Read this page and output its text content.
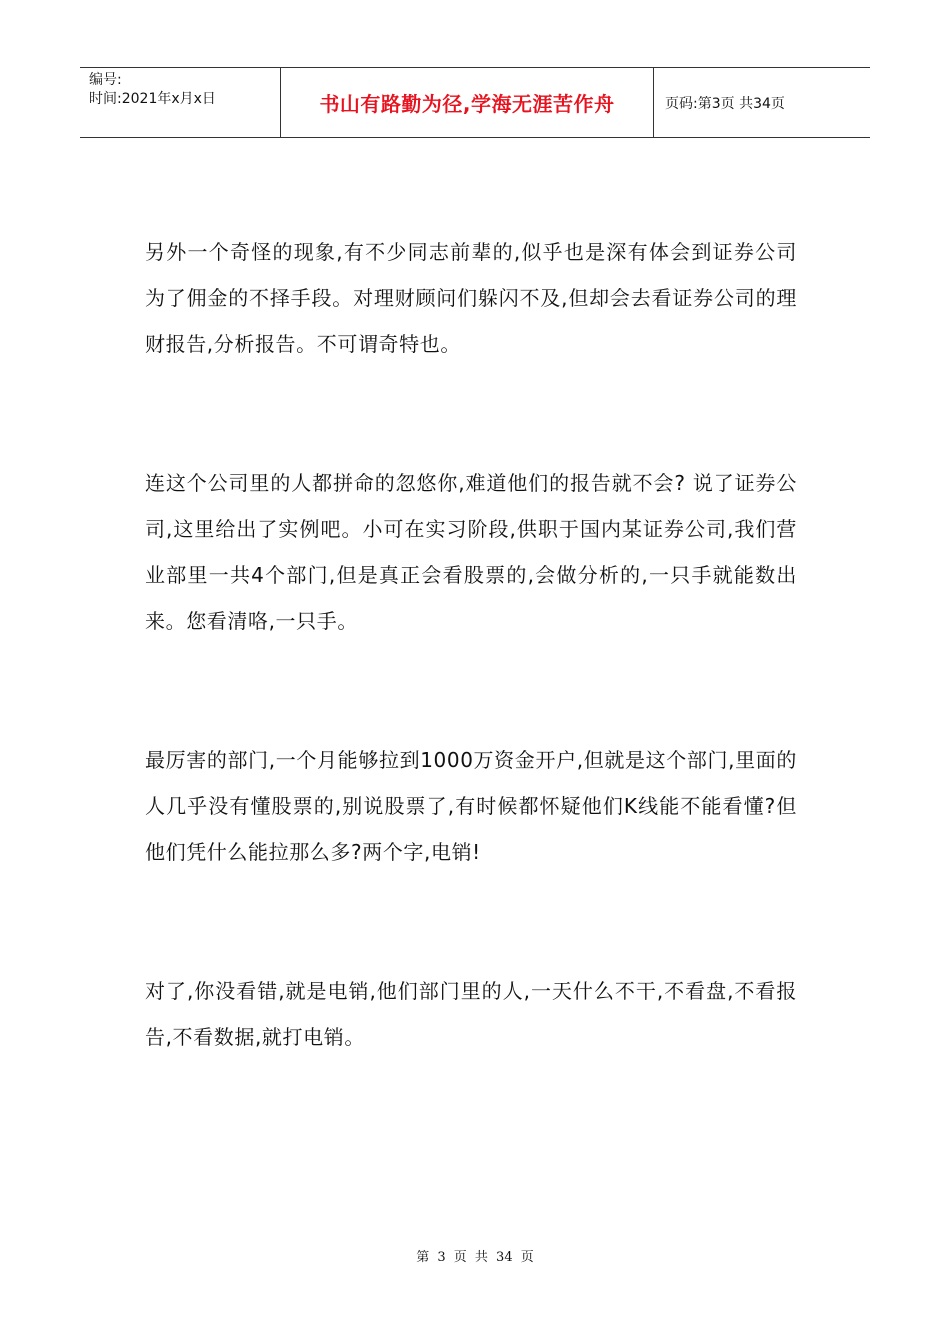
编号:
时间:2021年x月x日	书山有路勤为径,学海无涯苦作舟	页码:第3页 共34页

另外一个奇怪的现象,有不少同志前辈的,似乎也是深有体会到证券公司为了佣金的不择手段。对理财顾问们躲闪不及,但却会去看证券公司的理财报告,分析报告。不可谓奇特也。

连这个公司里的人都拼命的忽悠你,难道他们的报告就不会? 说了证券公司,这里给出了实例吧。小可在实习阶段,供职于国内某证券公司,我们营业部里一共4个部门,但是真正会看股票的,会做分析的,一只手就能数出来。您看清咯,一只手。

最厉害的部门,一个月能够拉到1000万资金开户,但就是这个部门,里面的人几乎没有懂股票的,别说股票了,有时候都怀疑他们K线能不能看懂?但他们凭什么能拉那么多?两个字,电销!

对了,你没看错,就是电销,他们部门里的人,一天什么不干,不看盘,不看报告,不看数据,就打电销。

第 3 页 共 34 页
